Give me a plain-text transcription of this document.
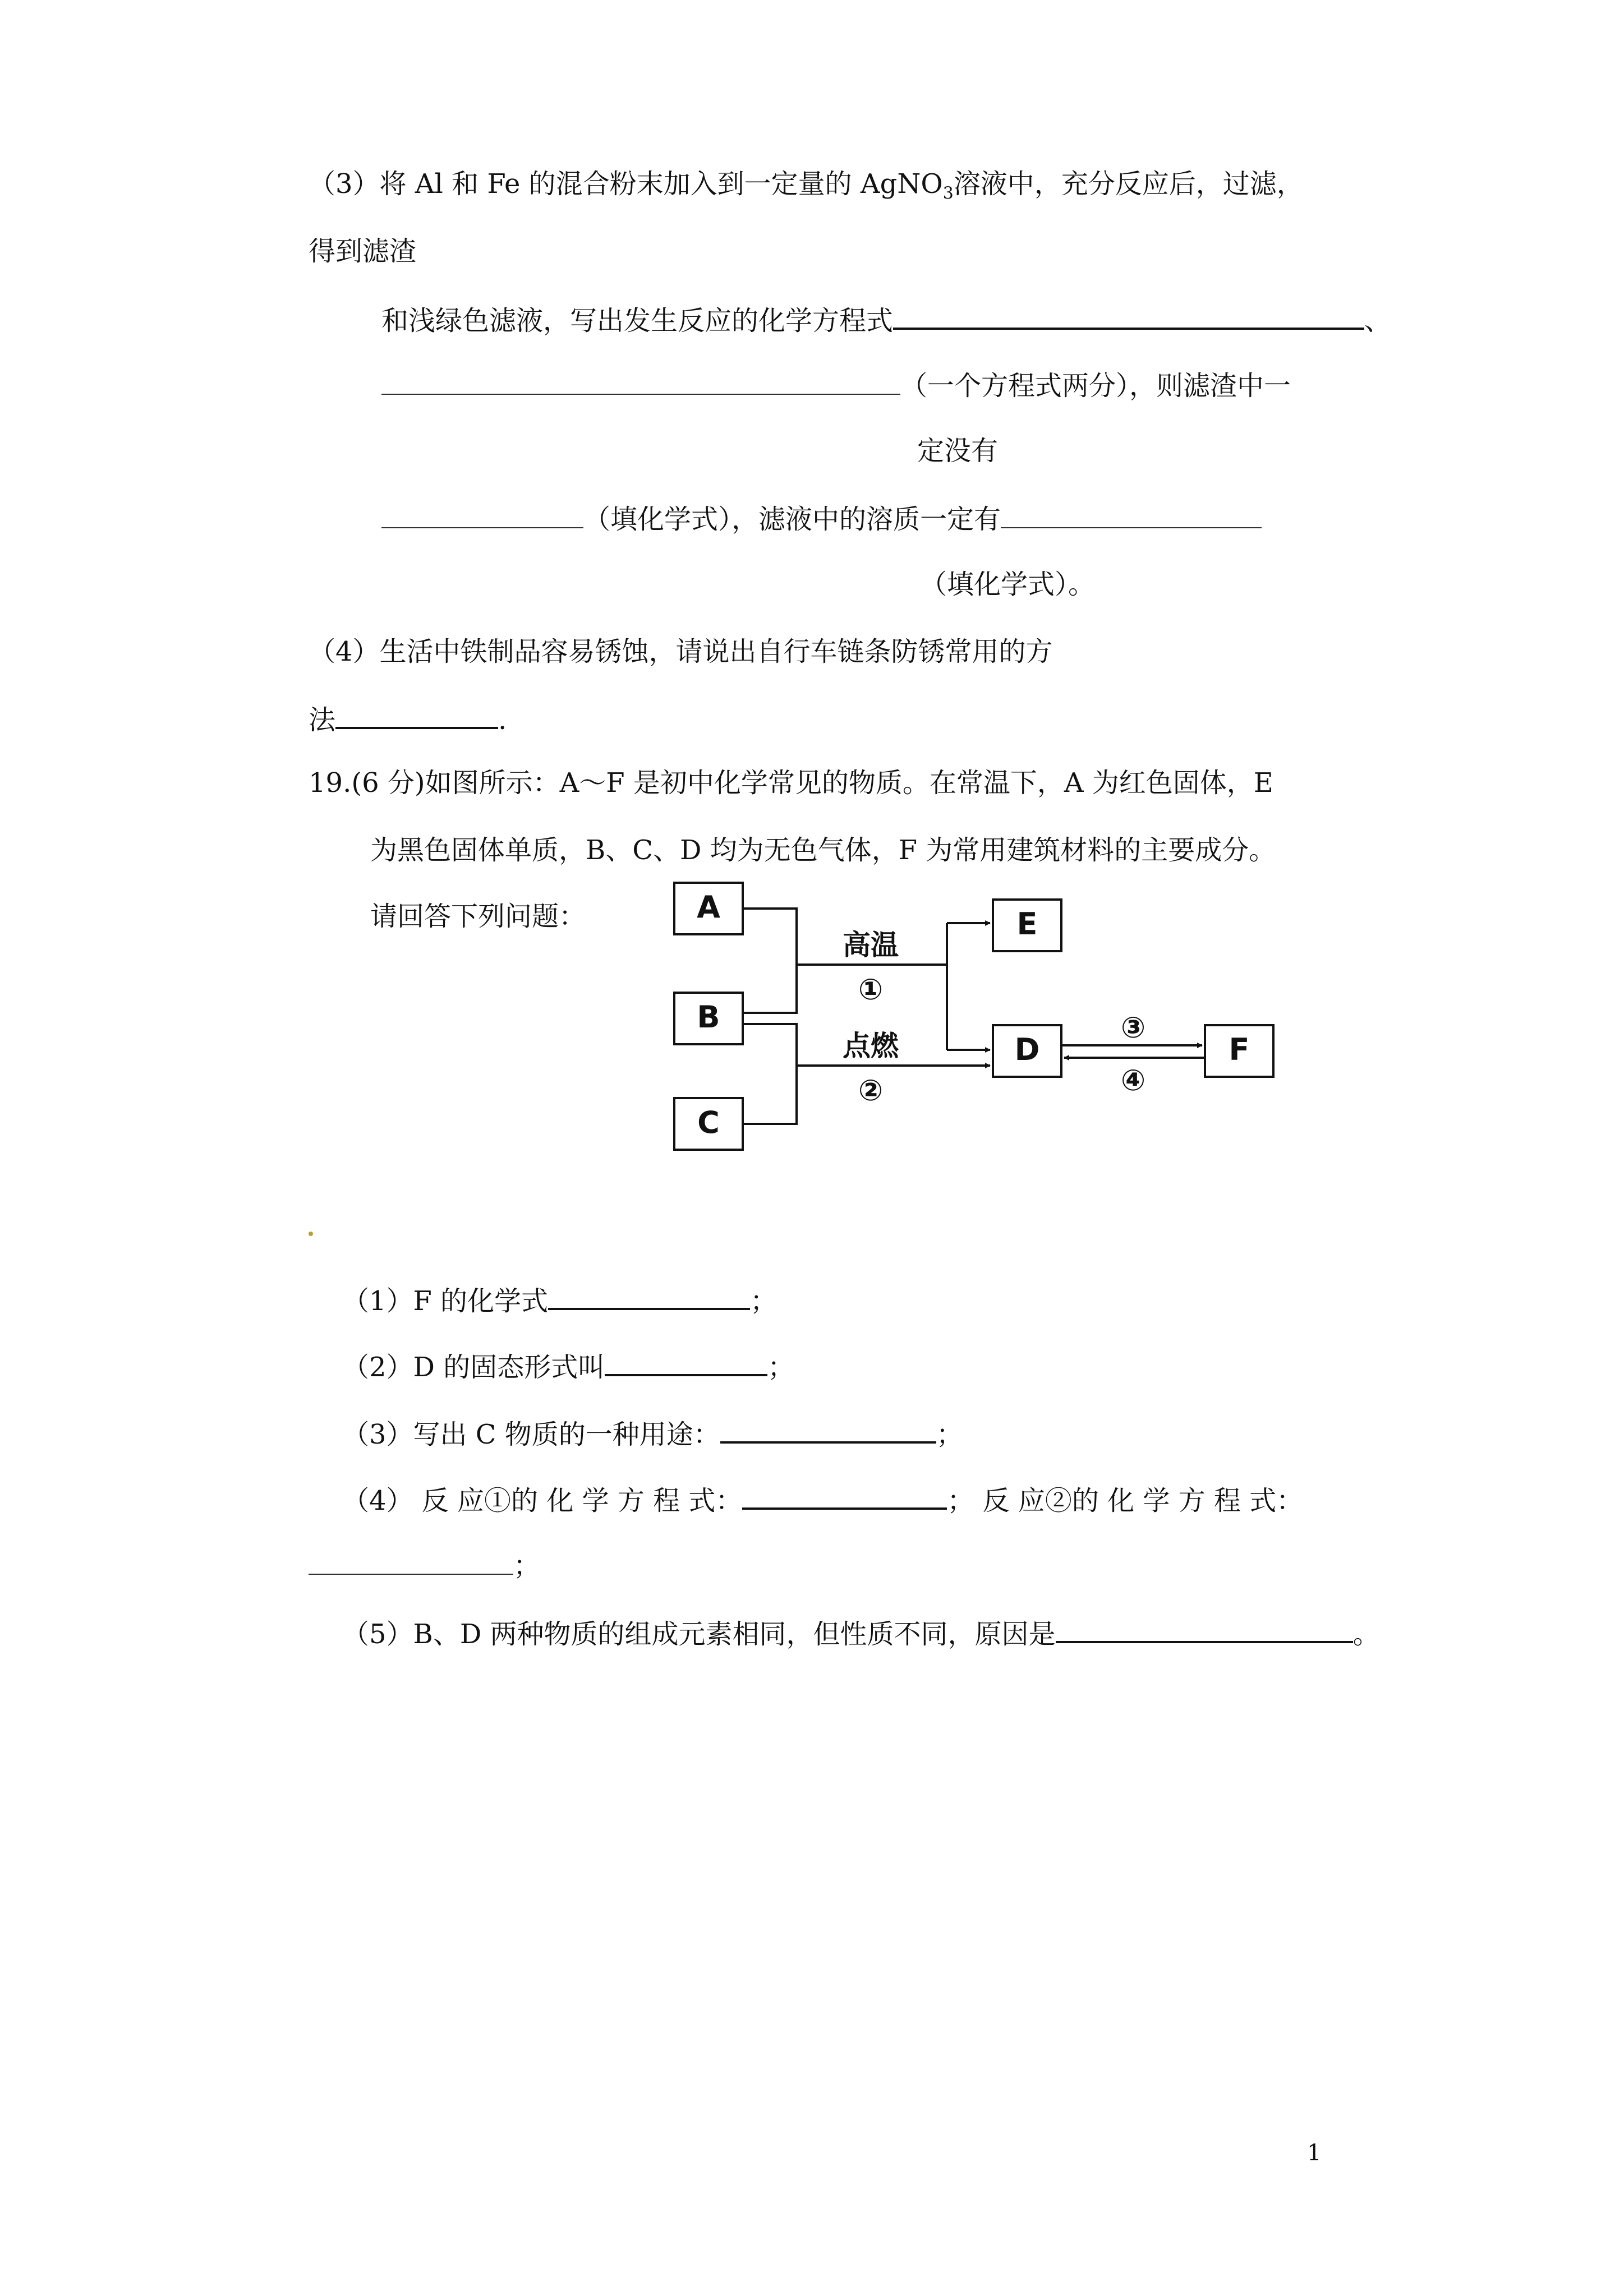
（3）将 Al 和 Fe 的混合粉末加入到一定量的 AgNO$_3$溶液中，充分反应后，过滤，
得到滤渣
和浅绿色滤液，写出发生反应的化学方程式	、
（一个方程式两分），则滤渣中一
定没有
（填化学式），滤液中的溶质一定有
（填化学式）。
（4）生活中铁制品容易锈蚀，请说出自行车链条防锈常用的方
法	.
19.(6 分)如图所示：A～F 是初中化学常见的物质。在常温下，A 为红色固体，E
为黑色固体单质，B、C、D 均为无色气体，F 为常用建筑材料的主要成分。
请回答下列问题：	A
B
C
E
D	F
高温
①
点燃
②
③
④
（1）F 的化学式	；
（2）D 的固态形式叫	；
（3）写出 C 物质的一种用途：	；
（4） 反 应①的 化 学 方 程 式：	； 反 应②的 化 学 方 程 式：
；
（5）B、D 两种物质的组成元素相同，但性质不同，原因是	。
1
